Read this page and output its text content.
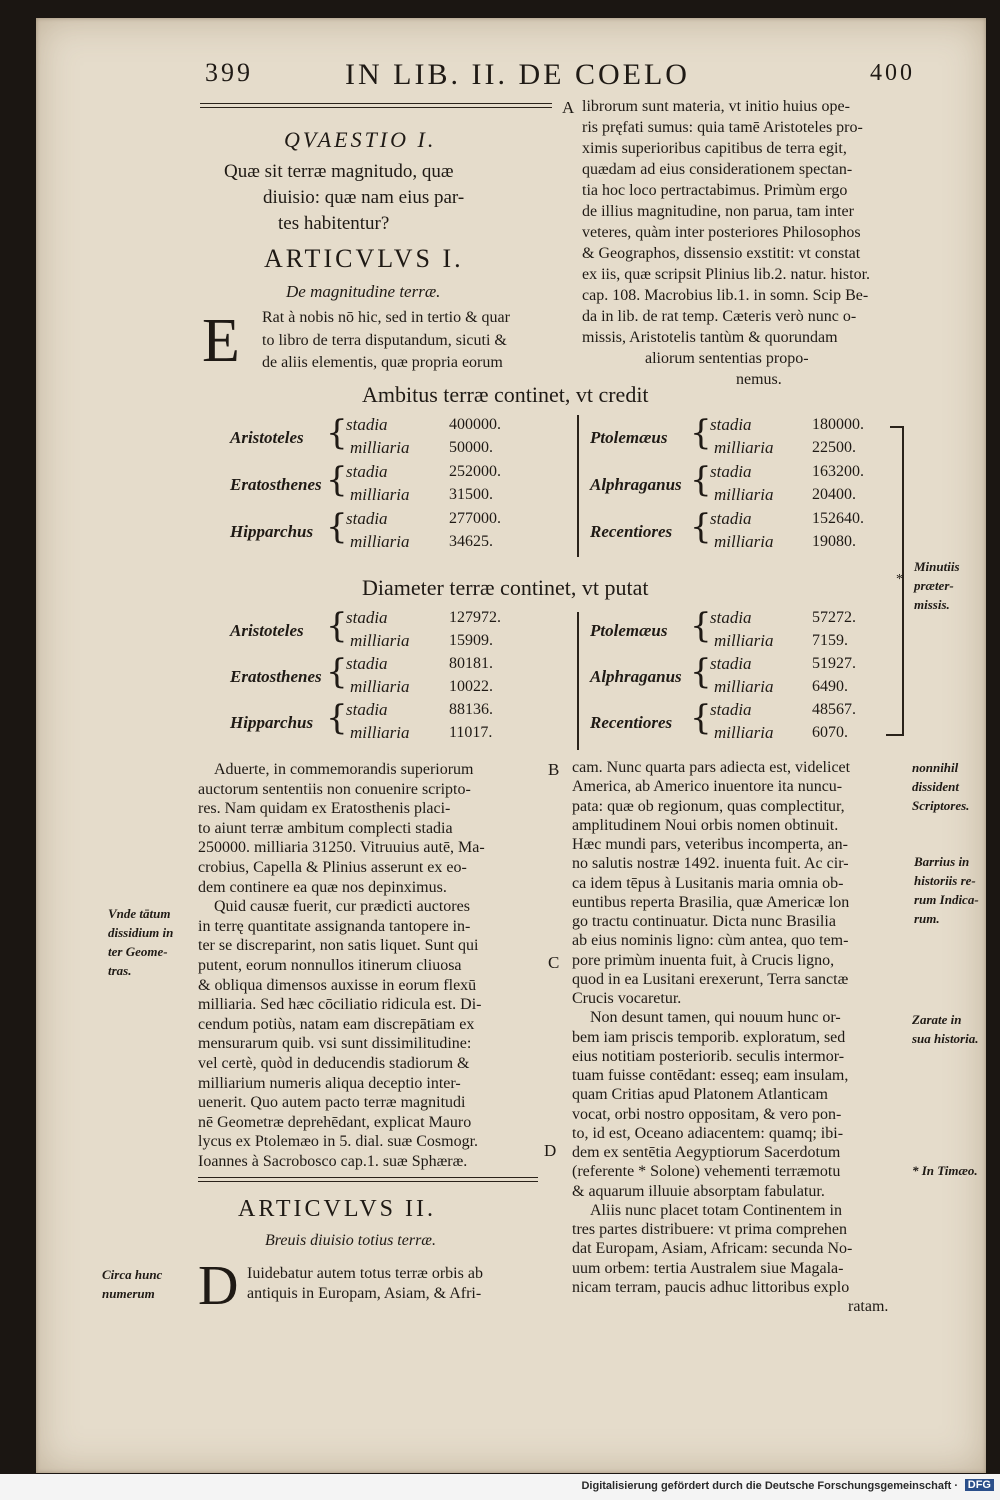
399	IN LIB. II. DE COELO	400
QVAESTIO I.
Quæ sit terræ magnitudo, quæ
diuisio: quæ nam eius par-
tes habitentur?
ARTICVLVS I.
De magnitudine terræ.
E Rat à nobis nō hic, sed in tertio & quar
to libro de terra disputandum, sicuti &
de aliis elementis, quæ propria eorum
A librorum sunt materia, vt initio huius ope-
ris pręfati sumus: quia tamē Aristoteles pro-
ximis superioribus capitibus de terra egit,
quædam ad eius considerationem spectan-
tia hoc loco pertractabimus. Primùm ergo
de illius magnitudine, non parua, tam inter
veteres, quàm inter posteriores Philosophos
& Geographos, dissensio exstitit: vt constat
ex iis, quæ scripsit Plinius lib.2. natur. histor.
cap. 108. Macrobius lib.1. in somn. Scip Be-
da in lib. de rat temp. Cæteris verò nunc o-
missis, Aristotelis tantùm & quorundam
aliorum sententias propo-
nemus.
Ambitus terræ continet, vt credit
Aristoteles {
stadia
milliaria
400000.
50000.
Eratosthenes {
stadia
milliaria
252000.
31500.
Hipparchus {
stadia
milliaria
277000.
34625.
Ptolemæus {
stadia
milliaria
180000.
22500.
Alphraganus {
stadia
milliaria
163200.
20400.
Recentiores {
stadia
milliaria
152640.
19080.
Diameter terræ continet, vt putat
Aristoteles {
stadia
milliaria
127972.
15909.
Eratosthenes {
stadia
milliaria
80181.
10022.
Hipparchus {
stadia
milliaria
88136.
11017.
Ptolemæus {
stadia
milliaria
57272.
7159.
Alphraganus {
stadia
milliaria
51927.
6490.
Recentiores {
stadia
milliaria
48567.
6070.
*
Aduerte, in commemorandis superiorum
auctorum sententiis non conuenire scripto-
res. Nam quidam ex Eratosthenis placi-
to aiunt terræ ambitum complecti stadia
250000. milliaria 31250. Vitruuius autē, Ma-
crobius, Capella & Plinius asserunt ex eo-
dem continere ea quæ nos depinximus.
Quid causæ fuerit, cur prædicti auctores
in terrę quantitate assignanda tantopere in-
ter se discreparint, non satis liquet. Sunt qui
putent, eorum nonnullos itinerum cliuosa
& obliqua dimensos auxisse in eorum flexū
milliaria. Sed hæc cōciliatio ridicula est. Di-
cendum potiùs, natam eam discrepātiam ex
mensurarum quib. vsi sunt dissimilitudine:
vel certè, quòd in deducendis stadiorum &
milliarium numeris aliqua deceptio inter-
uenerit. Quo autem pacto terræ magnitudi
nē Geometræ deprehēdant, explicat Mauro
lycus ex Ptolemæo in 5. dial. suæ Cosmogr.
Ioannes à Sacrobosco cap.1. suæ Sphæræ.
ARTICVLVS II.
Breuis diuisio totius terræ.
D Iuidebatur autem totus terræ orbis ab
antiquis in Europam, Asiam, & Afri-
B
C
D
cam. Nunc quarta pars adiecta est, videlicet
America, ab Americo inuentore ita nuncu-
pata: quæ ob regionum, quas complectitur,
amplitudinem Noui orbis nomen obtinuit.
Hæc mundi pars, veteribus incomperta, an-
no salutis nostræ 1492. inuenta fuit. Ac cir-
ca idem tēpus à Lusitanis maria omnia ob-
euntibus reperta Brasilia, quæ Americæ lon
go tractu continuatur. Dicta nunc Brasilia
ab eius nominis ligno: cùm antea, quo tem-
pore primùm inuenta fuit, à Crucis ligno,
quod in ea Lusitani erexerunt, Terra sanctæ
Crucis vocaretur.
Non desunt tamen, qui nouum hunc or-
bem iam priscis temporib. exploratum, sed
eius notitiam posteriorib. seculis intermor-
tuam fuisse contēdant: esseq; eam insulam,
quam Critias apud Platonem Atlanticam
vocat, orbi nostro oppositam, & vero pon-
to, id est, Oceano adiacentem: quamq; ibi-
dem ex sentētia Aegyptiorum Sacerdotum
(referente * Solone) vehementi terræmotu
& aquarum illuuie absorptam fabulatur.
Aliis nunc placet totam Continentem in
tres partes distribuere: vt prima comprehen
dat Europam, Asiam, Africam: secunda No-
uum orbem: tertia Australem siue Magala-
nicam terram, paucis adhuc littoribus explo
ratam.
Minutiis
præter-
missis.
Vnde tātum
dissidium in
ter Geome-
tras.
nonnihil
dissident
Scriptores.
Barrius in
historiis re-
rum Indica-
rum.
Zarate in
sua historia.
* In Timæo.
Circa hunc
numerum
Digitalisierung gefördert durch die Deutsche Forschungsgemeinschaft · DFG
